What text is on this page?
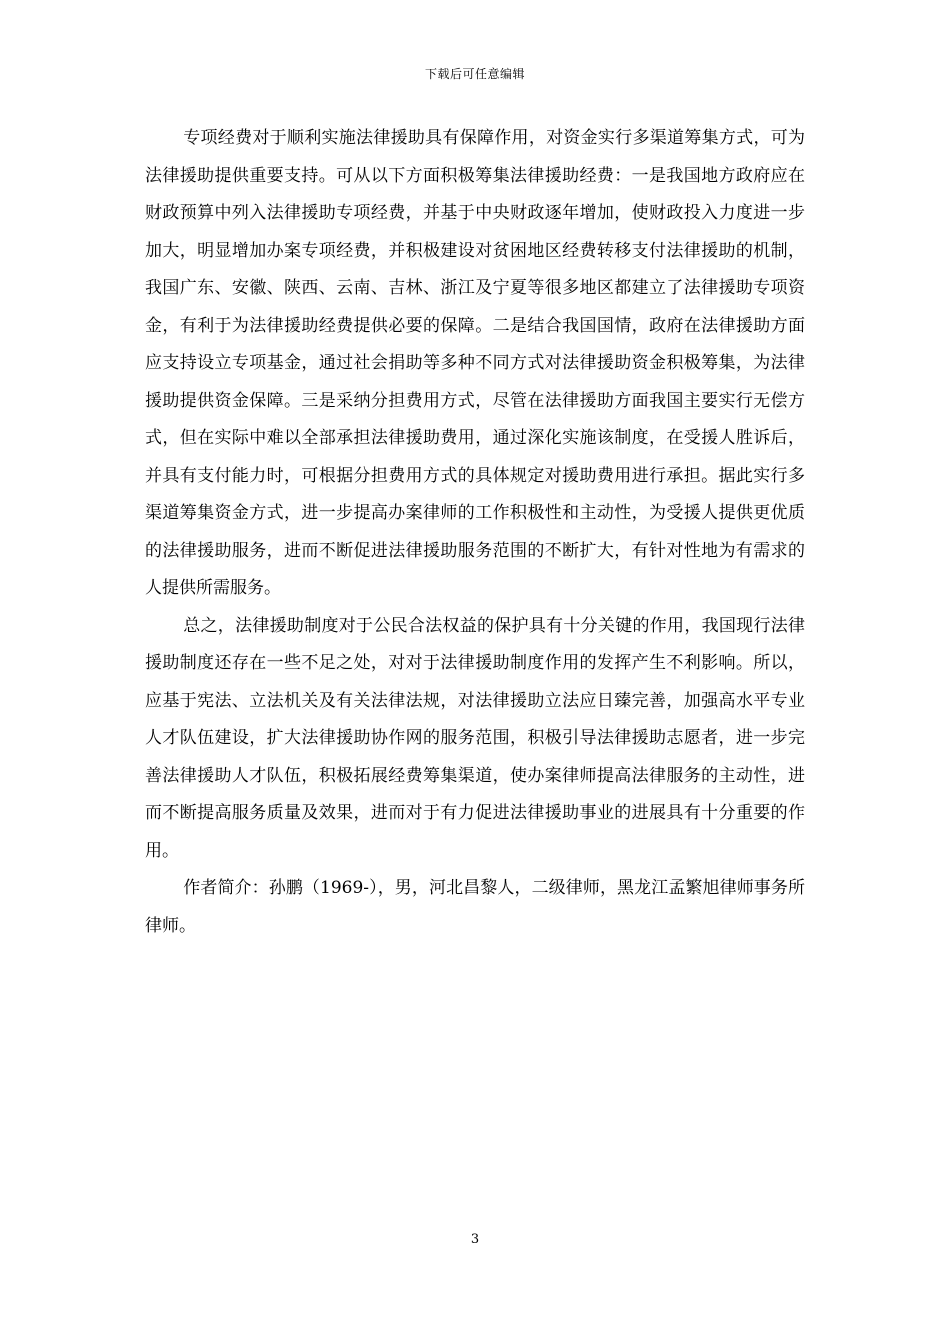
下载后可任意编辑

专项经费对于顺利实施法律援助具有保障作用，对资金实行多渠道筹集方式，可为法律援助提供重要支持。可从以下方面积极筹集法律援助经费：一是我国地方政府应在财政预算中列入法律援助专项经费，并基于中央财政逐年增加，使财政投入力度进一步加大，明显增加办案专项经费，并积极建设对贫困地区经费转移支付法律援助的机制，我国广东、安徽、陕西、云南、吉林、浙江及宁夏等很多地区都建立了法律援助专项资金，有利于为法律援助经费提供必要的保障。二是结合我国国情，政府在法律援助方面应支持设立专项基金，通过社会捐助等多种不同方式对法律援助资金积极筹集，为法律援助提供资金保障。三是采纳分担费用方式，尽管在法律援助方面我国主要实行无偿方式，但在实际中难以全部承担法律援助费用，通过深化实施该制度，在受援人胜诉后，并具有支付能力时，可根据分担费用方式的具体规定对援助费用进行承担。据此实行多渠道筹集资金方式，进一步提高办案律师的工作积极性和主动性，为受援人提供更优质的法律援助服务，进而不断促进法律援助服务范围的不断扩大，有针对性地为有需求的人提供所需服务。

总之，法律援助制度对于公民合法权益的保护具有十分关键的作用，我国现行法律援助制度还存在一些不足之处，对对于法律援助制度作用的发挥产生不利影响。所以，应基于宪法、立法机关及有关法律法规，对法律援助立法应日臻完善，加强高水平专业人才队伍建设，扩大法律援助协作网的服务范围，积极引导法律援助志愿者，进一步完善法律援助人才队伍，积极拓展经费筹集渠道，使办案律师提高法律服务的主动性，进而不断提高服务质量及效果，进而对于有力促进法律援助事业的进展具有十分重要的作用。

作者简介：孙鹏（1969-），男，河北昌黎人，二级律师，黑龙江孟繁旭律师事务所律师。

3
